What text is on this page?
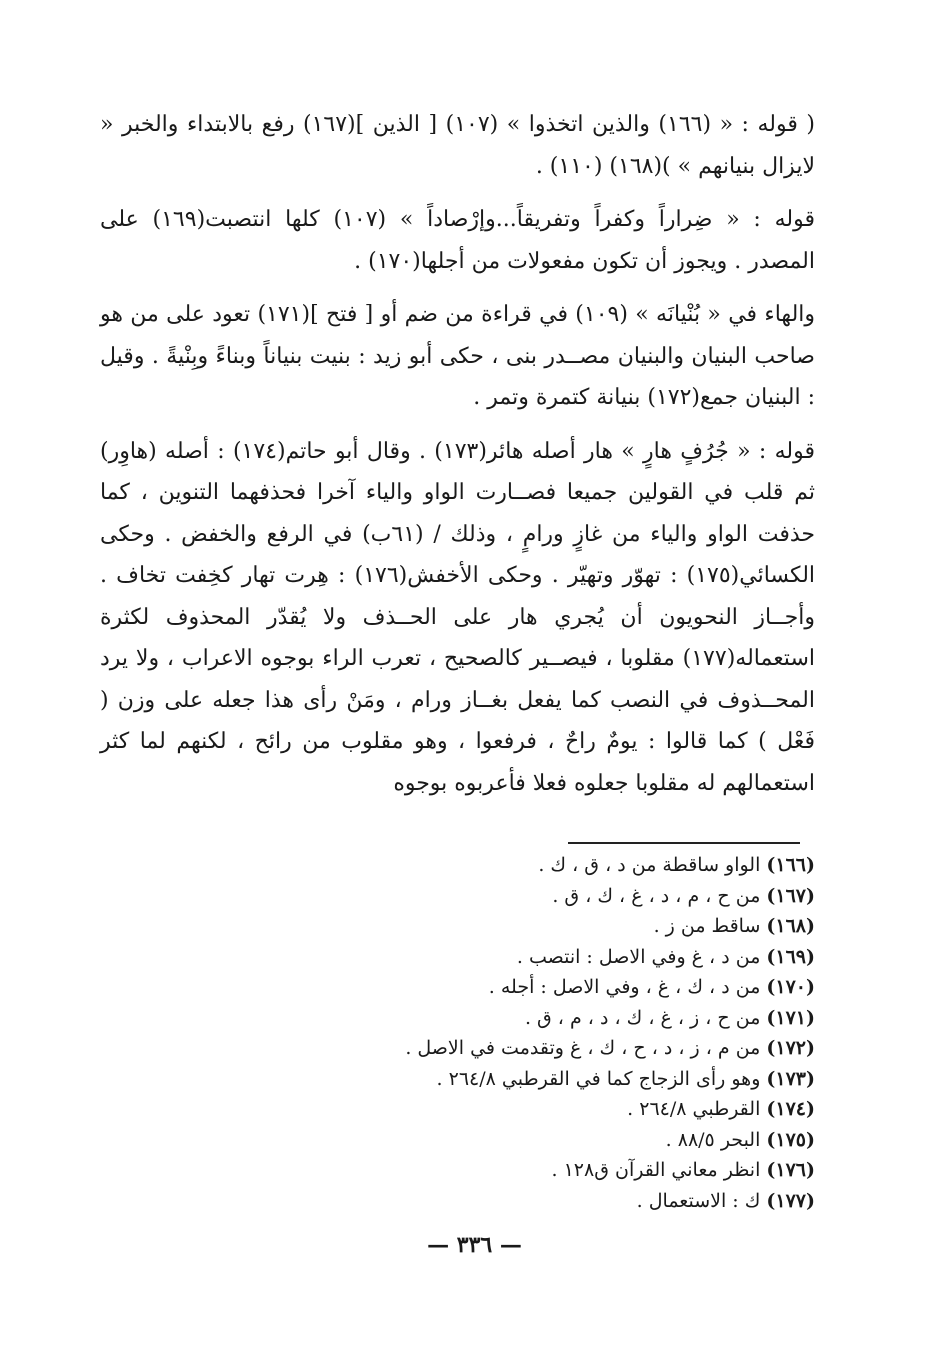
( قوله : « (١٦٦) والذين اتخذوا » (١٠٧) [ الذين ](١٦٧) رفع بالابتداء والخبر « لايزال بنيانهم » )(١٦٨) (١١٠) .

قوله : « ضِراراً وكفراً وتفريقاً...وإرْصاداً » (١٠٧) كلها انتصبت(١٦٩) على المصدر . ويجوز أن تكون مفعولات من أجلها(١٧٠) .

والهاء في « بُنْيانَه » (١٠٩) في قراءة من ضم أو [ فتح ](١٧١) تعود على من هو صاحب البنيان والبنيان مصــدر بنى ، حكى أبو زيد : بنيت بنياناً وبناءً وبِنْيةً . وقيل : البنيان جمع(١٧٢) بنيانة كتمرة وتمر .

قوله : « جُرُفٍ هارٍ » هار أصله هائر(١٧٣) . وقال أبو حاتم(١٧٤) : أصله (هاوِر) ثم قلب في القولين جميعا فصــارت الواو والياء آخرا فحذفهما التنوين ، كما حذفت الواو والياء من غازٍ ورامٍ ، وذلك / (٦١ب) في الرفع والخفض . وحكى الكسائي(١٧٥) : تهوّر وتهيّر . وحكى الأخفش(١٧٦) : هِرت تهار كخِفت تخاف . وأجــاز النحويون أن يُجري هار على الحــذف ولا يُقدّر المحذوف لكثرة استعماله(١٧٧) مقلوبا ، فيصــير كالصحيح ، تعرب الراء بوجوه الاعراب ، ولا يرد المحــذوف في النصب كما يفعل بغــاز ورام ، ومَنْ رأى هذا جعله على وزن ( فَعْل ) كما قالوا : يومٌ راحٌ ، فرفعوا ، وهو مقلوب من رائح ، لكنهم لما كثر استعمالهم له مقلوبا جعلوه فعلا فأعربوه بوجوه

(١٦٦)الواو ساقطة من د ، ق ، ك .
(١٦٧)من ح ، م ، د ، غ ، ك ، ق .
(١٦٨)ساقط من ز .
(١٦٩)من د ، غ وفي الاصل : انتصب .
(١٧٠)من د ، ك ، غ ، وفي الاصل : أجله .
(١٧١)من ح ، ز ، غ ، ك ، د ، م ، ق .
(١٧٢)من م ، ز ، د ، ح ، ك ، غ وتقدمت في الاصل .
(١٧٣)وهو رأى الزجاج كما في القرطبي ٢٦٤/٨ .
(١٧٤)القرطبي ٢٦٤/٨ .
(١٧٥)البحر ٨٨/٥ .
(١٧٦)انظر معاني القرآن ق١٢٨ .
(١٧٧)ك : الاستعمال .
— ٣٣٦ —
